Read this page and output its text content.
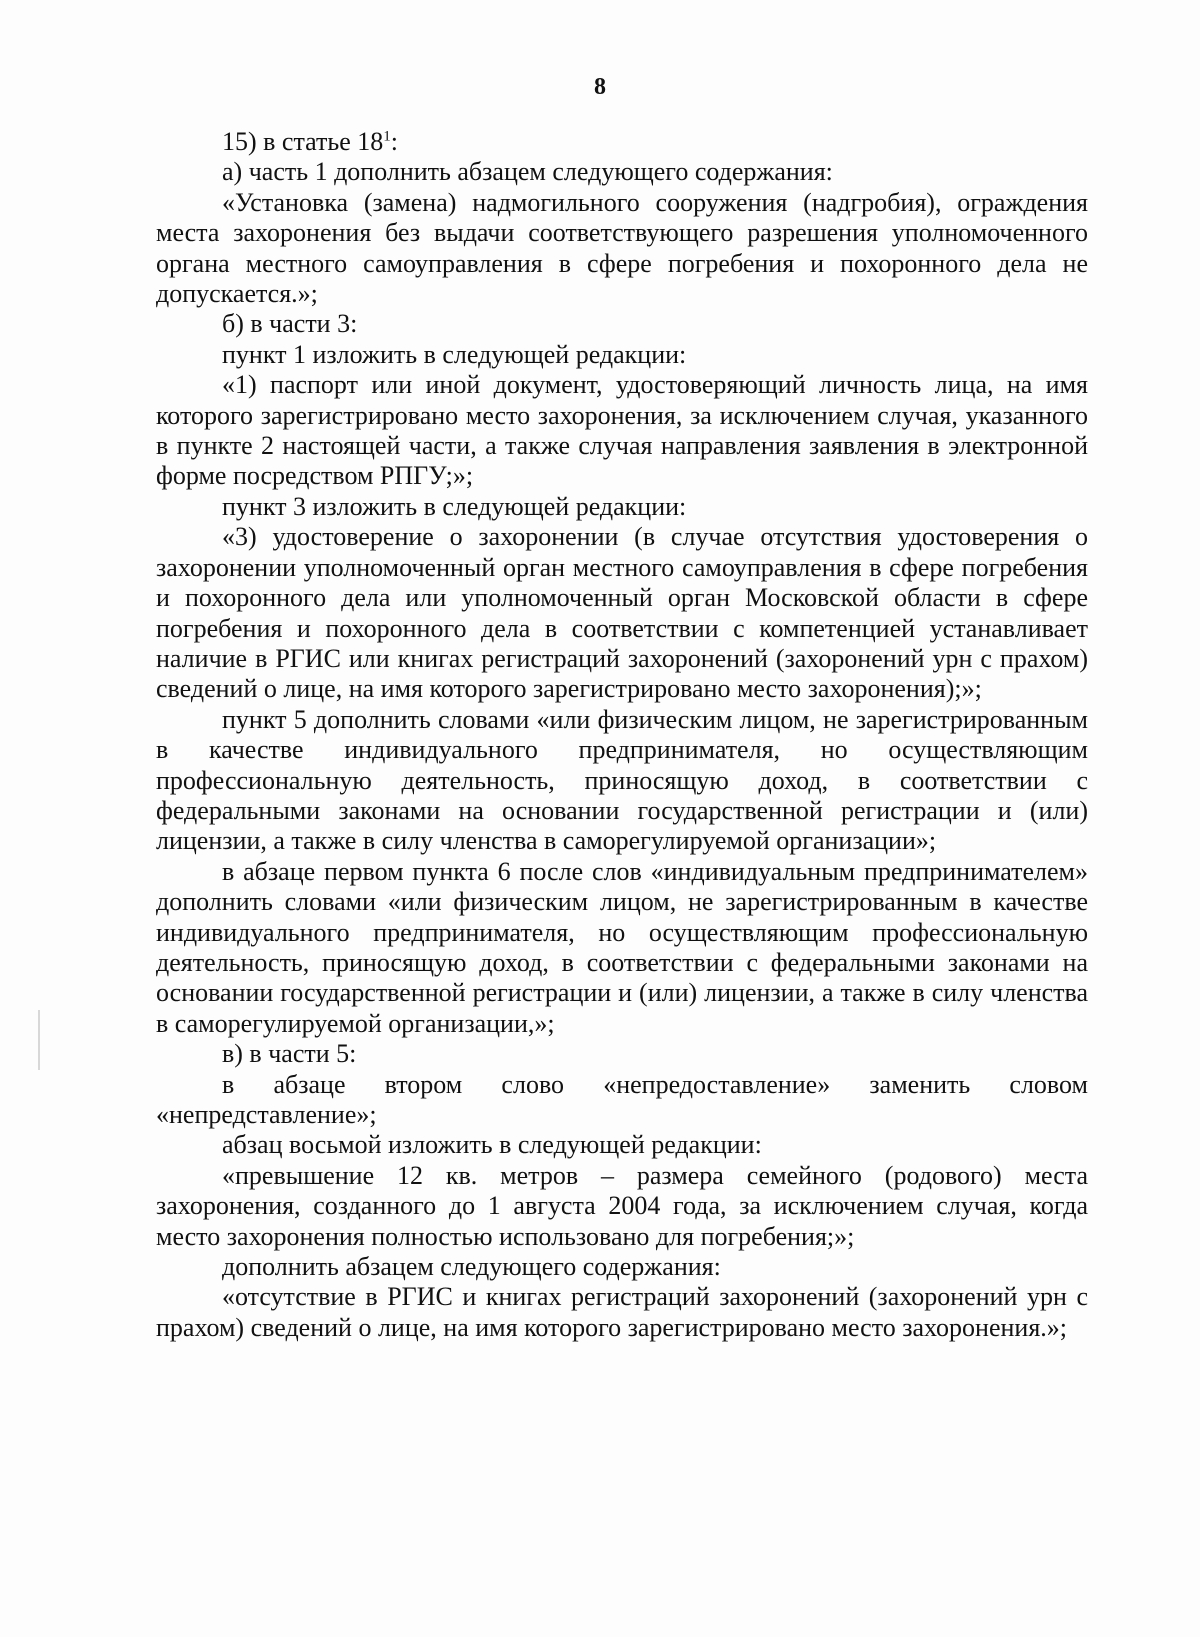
8

15) в статье $18^1$:

а) часть 1 дополнить абзацем следующего содержания:

«Установка (замена) надмогильного сооружения (надгробия), ограждения места захоронения без выдачи соответствующего разрешения уполномоченного органа местного самоуправления в сфере погребения и похоронного дела не допускается.»;

б) в части 3:

пункт 1 изложить в следующей редакции:

«1) паспорт или иной документ, удостоверяющий личность лица, на имя которого зарегистрировано место захоронения, за исключением случая, указанного в пункте 2 настоящей части, а также случая направления заявления в электронной форме посредством РПГУ;»;

пункт 3 изложить в следующей редакции:

«3) удостоверение о захоронении (в случае отсутствия удостоверения о захоронении уполномоченный орган местного самоуправления в сфере погребения и похоронного дела или уполномоченный орган Московской области в сфере погребения и похоронного дела в соответствии с компетенцией устанавливает наличие в РГИС или книгах регистраций захоронений (захоронений урн с прахом) сведений о лице, на имя которого зарегистрировано место захоронения);»;

пункт 5 дополнить словами «или физическим лицом, не зарегистрированным в качестве индивидуального предпринимателя, но осуществляющим профессиональную деятельность, приносящую доход, в соответствии с федеральными законами на основании государственной регистрации и (или) лицензии, а также в силу членства в саморегулируемой организации»;

в абзаце первом пункта 6 после слов «индивидуальным предпринимателем» дополнить словами «или физическим лицом, не зарегистрированным в качестве индивидуального предпринимателя, но осуществляющим профессиональную деятельность, приносящую доход, в соответствии с федеральными законами на основании государственной регистрации и (или) лицензии, а также в силу членства в саморегулируемой организации,»;

в) в части 5:

в абзаце втором слово «непредоставление» заменить словом «непредставление»;

абзац восьмой изложить в следующей редакции:

«превышение 12 кв. метров – размера семейного (родового) места захоронения, созданного до 1 августа 2004 года, за исключением случая, когда место захоронения полностью использовано для погребения;»;

дополнить абзацем следующего содержания:

«отсутствие в РГИС и книгах регистраций захоронений (захоронений урн с прахом) сведений о лице, на имя которого зарегистрировано место захоронения.»;
